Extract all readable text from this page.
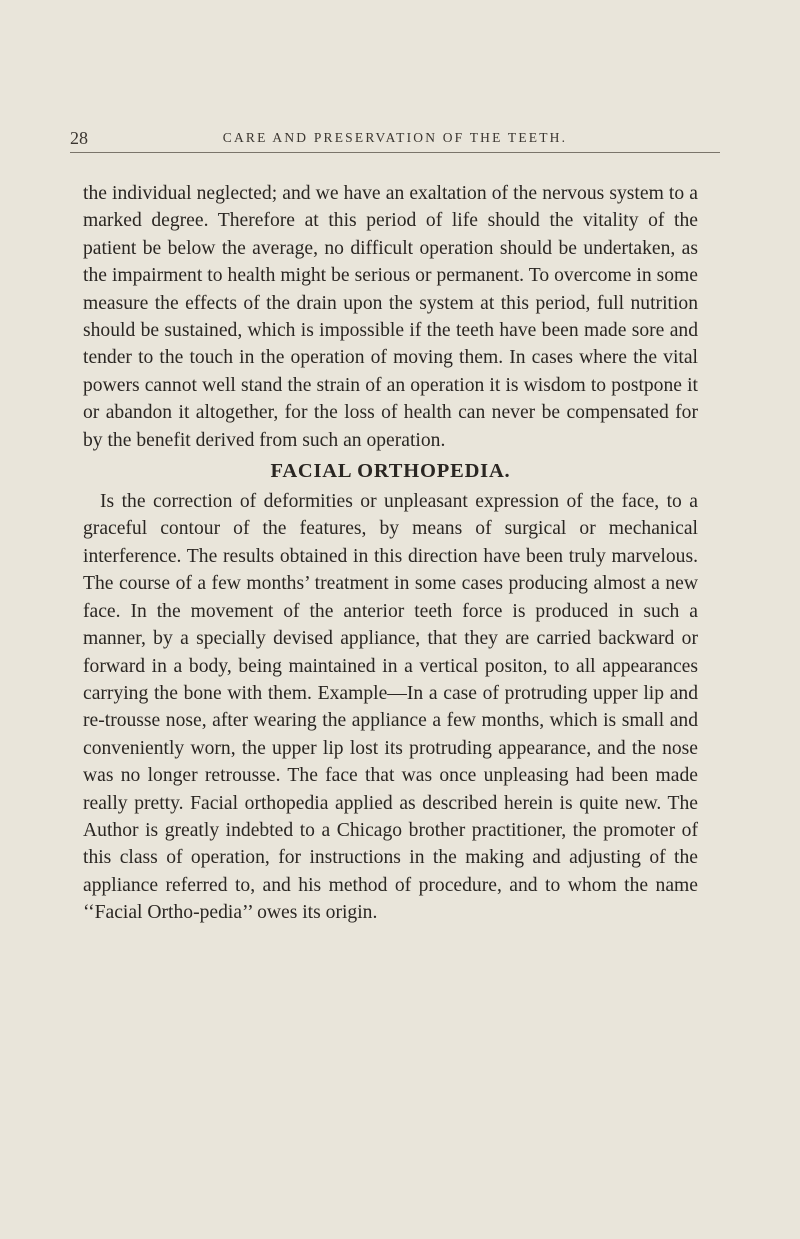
28	CARE AND PRESERVATION OF THE TEETH.

the individual neglected; and we have an exaltation of the nervous system to a marked degree. Therefore at this period of life should the vitality of the patient be below the average, no difficult operation should be undertaken, as the impairment to health might be serious or permanent. To overcome in some measure the effects of the drain upon the system at this period, full nutrition should be sustained, which is impossible if the teeth have been made sore and tender to the touch in the operation of moving them. In cases where the vital powers cannot well stand the strain of an operation it is wisdom to postpone it or abandon it altogether, for the loss of health can never be compensated for by the benefit derived from such an operation.

FACIAL ORTHOPEDIA.

Is the correction of deformities or unpleasant expression of the face, to a graceful contour of the features, by means of surgical or mechanical interference. The results obtained in this direction have been truly marvelous. The course of a few months’ treatment in some cases producing almost a new face. In the movement of the anterior teeth force is produced in such a manner, by a specially devised appliance, that they are carried backward or forward in a body, being maintained in a vertical positon, to all appearances carrying the bone with them. Example—In a case of protruding upper lip and re-trousse nose, after wearing the appliance a few months, which is small and conveniently worn, the upper lip lost its protruding appearance, and the nose was no longer retrousse. The face that was once unpleasing had been made really pretty. Facial orthopedia applied as described herein is quite new. The Author is greatly indebted to a Chicago brother practitioner, the promoter of this class of operation, for instructions in the making and adjusting of the appliance referred to, and his method of procedure, and to whom the name ‘‘Facial Ortho-pedia’’ owes its origin.
